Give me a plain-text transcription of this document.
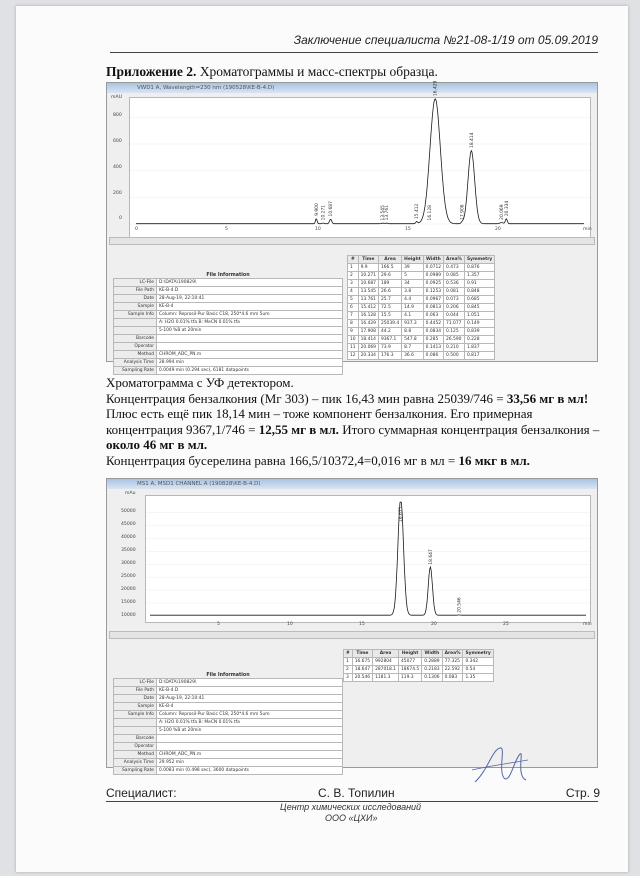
Заключение специалиста №21-08-1/19 от 05.09.2019
Приложение 2. Хроматограммы и масс-спектры образца.
VWD1 A, Wavelength=230 nm (190528\KE-B-4.D)
mAU
9.900 10.271 10.687	13.545
13.761	15.412 16.128
16.429
17.908
18.414
20.069 20.334
800
600
400
200
0
0	5	10	15	20	min
File Information
LC-File	D:\DATA\190829\
File Path	KE-B-4.D
Date	28-Aug-19, 22:10:41
Sample	KE-B-4
Sample Info	Column: Reprosil-Pur Basic C18, 250*4.6 mm 5um
	A: H2O 0.01% tfa B: MeCN 0.01% tfa
	5-100 %B at 20min
Barcode	
Operator	
Method	CHROM_ADC_PN.m
Analysis Time	28.994 min
Sampling Rate	0.0049 min (0.294 sec), 6181 datapoints
#	Time	Area	Height	Width	Area%	Symmetry
1	9.9	166.5	39	0.0712	0.473	0.876
2	10.271	29.6	5	0.0989	0.085	1.357
3	10.687	189	34	0.0925	0.536	0.91
4	13.545	26.6	3.8	0.1253	0.081	0.848
5	13.761	25.7	4.4	0.0967	0.073	0.685
6	15.412	72.5	14.9	0.0813	0.206	0.845
7	16.128	15.5	4.1	0.063	0.044	1.051
8	16.429	25039.4	937.3	0.4452	71.077	0.149
9	17.908	44.2	8.8	0.0834	0.125	0.839
10	18.414	9367.1	547.8	0.285	26.590	0.228
11	20.069	73.9	8.7	0.1413	0.210	1.837
12	20.334	176.3	36.6	0.086	0.500	0.817

Хроматограмма с УФ детектором.

Концентрация бензалкония (Мг 303) – пик 16,43 мин равна 25039/746 = 33,56 мг в мл!

Плюс есть ещё пик 18,14 мин – тоже компонент бензалкония. Его примерная концентрация 9367,1/746 = 12,55 мг в мл. Итого суммарная концентрация бензалкония – около 46 мг в мл.

Концентрация бусерелина равна 166,5/10372,4=0,016 мг в мл = 16 мкг в мл.

MS1 A, MSD1 CHANNEL A (190828\KE-B-4.D)
mAu
16.675
18.647
20.546
50000
45000
40000
35000
30000
25000
20000
15000
10000
5	10	15	20	25	min
File Information
LC-File	D:\DATA\190829\
File Path	KE-B-4.D
Date	28-Aug-19, 22:10:41
Sample	KE-B-4
Sample Info	Column: Reprosil-Pur Basic C18, 250*4.6 mm 5um
	A: H2O 0.01% tfa B: MeCN 0.01% tfa
	5-100 %B at 20min
Barcode	
Operator	
Method	CHROM_ADC_PN.m
Analysis Time	29.952 min
Sampling Rate	0.0083 min (0.498 sec), 3600 datapoints
#	Time	Area	Height	Width	Area%	Symmetry
1	16.675	992804	45077	0.2889	77.325	0.342
2	18.647	287018.1	18674.5	0.2183	22.592	0.54
3	20.546	1181.3	119.3	0.1306	0.083	1.35
Специалист:	С. В. Топилин	Стр. 9
Центр химических исследований
ООО «ЦХИ»
